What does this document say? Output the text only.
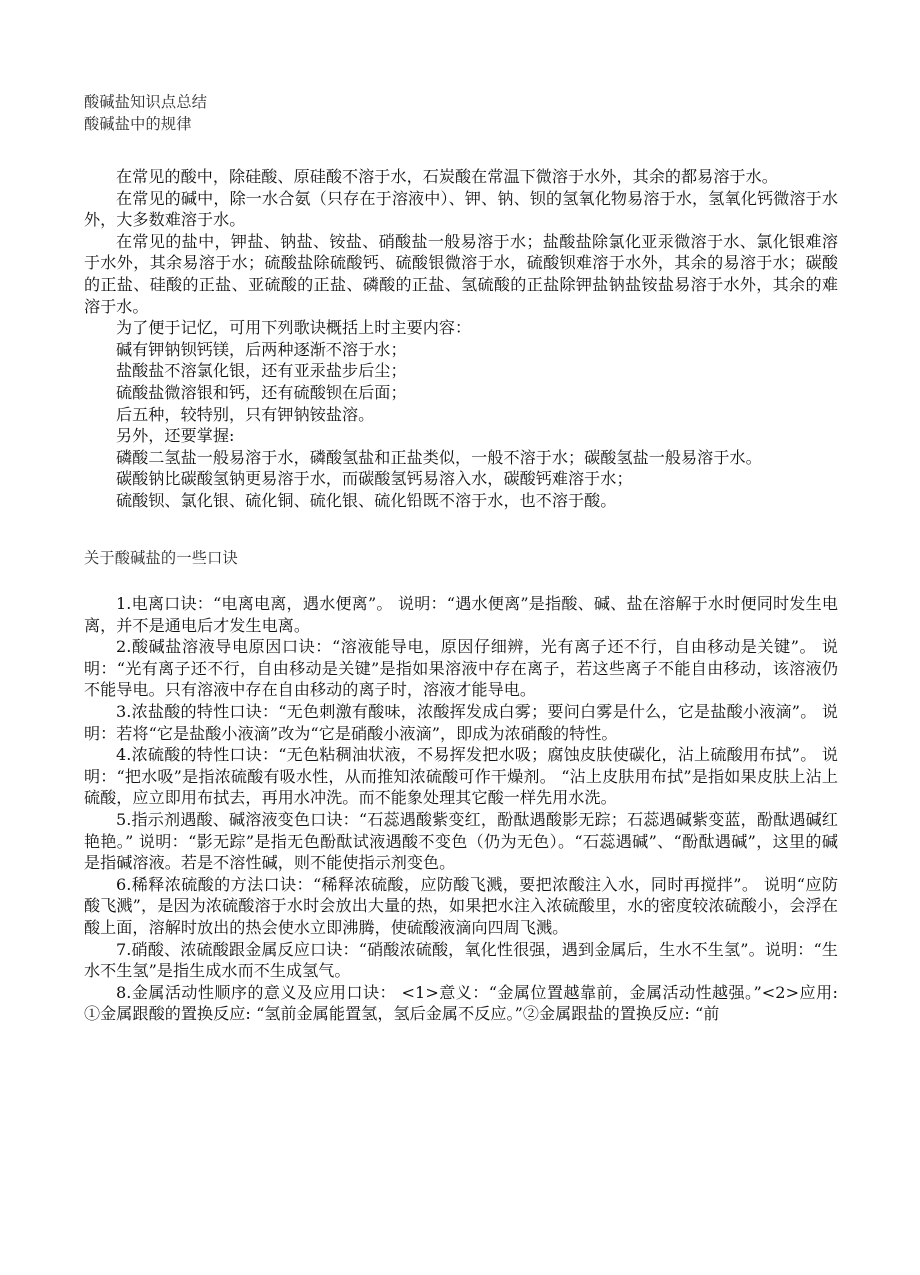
酸碱盐知识点总结
酸碱盐中的规律

在常见的酸中，除硅酸、原硅酸不溶于水，石炭酸在常温下微溶于水外，其余的都易溶于水。

在常见的碱中，除一水合氨（只存在于溶液中）、钾、钠、钡的氢氧化物易溶于水，氢氧化钙微溶于水外，大多数难溶于水。

在常见的盐中，钾盐、钠盐、铵盐、硝酸盐一般易溶于水；盐酸盐除氯化亚汞微溶于水、氯化银难溶于水外，其余易溶于水；硫酸盐除硫酸钙、硫酸银微溶于水，硫酸钡难溶于水外，其余的易溶于水；碳酸的正盐、硅酸的正盐、亚硫酸的正盐、磷酸的正盐、氢硫酸的正盐除钾盐钠盐铵盐易溶于水外，其余的难溶于水。

为了便于记忆，可用下列歌诀概括上时主要内容：

碱有钾钠钡钙镁，后两种逐渐不溶于水；

盐酸盐不溶氯化银，还有亚汞盐步后尘；

硫酸盐微溶银和钙，还有硫酸钡在后面；

后五种，较特别，只有钾钠铵盐溶。

另外，还要掌握:

磷酸二氢盐一般易溶于水，磷酸氢盐和正盐类似，一般不溶于水；碳酸氢盐一般易溶于水。

碳酸钠比碳酸氢钠更易溶于水，而碳酸氢钙易溶入水，碳酸钙难溶于水；

硫酸钡、氯化银、硫化铜、硫化银、硫化铅既不溶于水，也不溶于酸。

关于酸碱盐的一些口诀

1.电离口诀：“电离电离，遇水便离”。 说明：“遇水便离”是指酸、碱、盐在溶解于水时便同时发生电离，并不是通电后才发生电离。

2.酸碱盐溶液导电原因口诀：“溶液能导电，原因仔细辨，光有离子还不行，自由移动是关键”。 说明：“光有离子还不行，自由移动是关键”是指如果溶液中存在离子，若这些离子不能自由移动，该溶液仍不能导电。只有溶液中存在自由移动的离子时，溶液才能导电。

3.浓盐酸的特性口诀：“无色刺激有酸味，浓酸挥发成白雾；要问白雾是什么，它是盐酸小液滴”。 说明：若将“它是盐酸小液滴”改为“它是硝酸小液滴”，即成为浓硝酸的特性。

4.浓硫酸的特性口诀：“无色粘稠油状液，不易挥发把水吸；腐蚀皮肤使碳化，沾上硫酸用布拭”。 说明：“把水吸”是指浓硫酸有吸水性，从而推知浓硫酸可作干燥剂。 “沾上皮肤用布拭”是指如果皮肤上沾上硫酸，应立即用布拭去，再用水冲洗。而不能象处理其它酸一样先用水洗。

5.指示剂遇酸、碱溶液变色口诀：“石蕊遇酸紫变红，酚酞遇酸影无踪；石蕊遇碱紫变蓝，酚酞遇碱红艳艳。” 说明：“影无踪”是指无色酚酞试液遇酸不变色（仍为无色）。“石蕊遇碱”、“酚酞遇碱”，这里的碱是指碱溶液。若是不溶性碱，则不能使指示剂变色。

6.稀释浓硫酸的方法口诀：“稀释浓硫酸，应防酸飞溅，要把浓酸注入水，同时再搅拌”。 说明“应防酸飞溅”，是因为浓硫酸溶于水时会放出大量的热，如果把水注入浓硫酸里，水的密度较浓硫酸小，会浮在酸上面，溶解时放出的热会使水立即沸腾，使硫酸液滴向四周飞溅。

7.硝酸、浓硫酸跟金属反应口诀：“硝酸浓硫酸，氧化性很强，遇到金属后，生水不生氢”。说明：“生水不生氢”是指生成水而不生成氢气。

8.金属活动性顺序的意义及应用口诀： <1>意义：“金属位置越靠前，金属活动性越强。”<2>应用: ①金属跟酸的置换反应: “氢前金属能置氢，氢后金属不反应。”②金属跟盐的置换反应: “前
